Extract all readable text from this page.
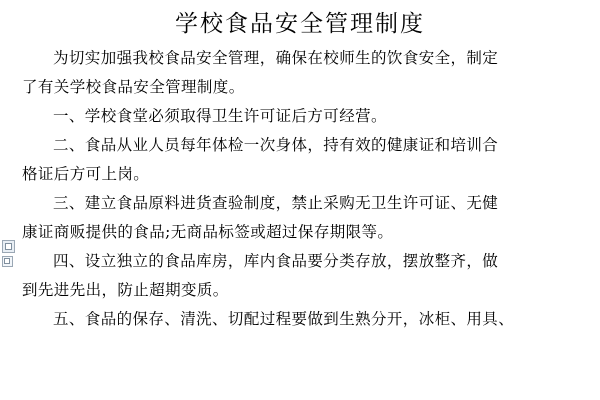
学校食品安全管理制度

为切实加强我校食品安全管理，确保在校师生的饮食安全，制定

了有关学校食品安全管理制度。

一、学校食堂必须取得卫生许可证后方可经营。

二、食品从业人员每年体检一次身体，持有效的健康证和培训合

格证后方可上岗。

三、建立食品原料进货查验制度，禁止采购无卫生许可证、无健

康证商贩提供的食品;无商品标签或超过保存期限等。

四、设立独立的食品库房，库内食品要分类存放，摆放整齐，做

到先进先出，防止超期变质。

五、食品的保存、清洗、切配过程要做到生熟分开，冰柜、用具、
